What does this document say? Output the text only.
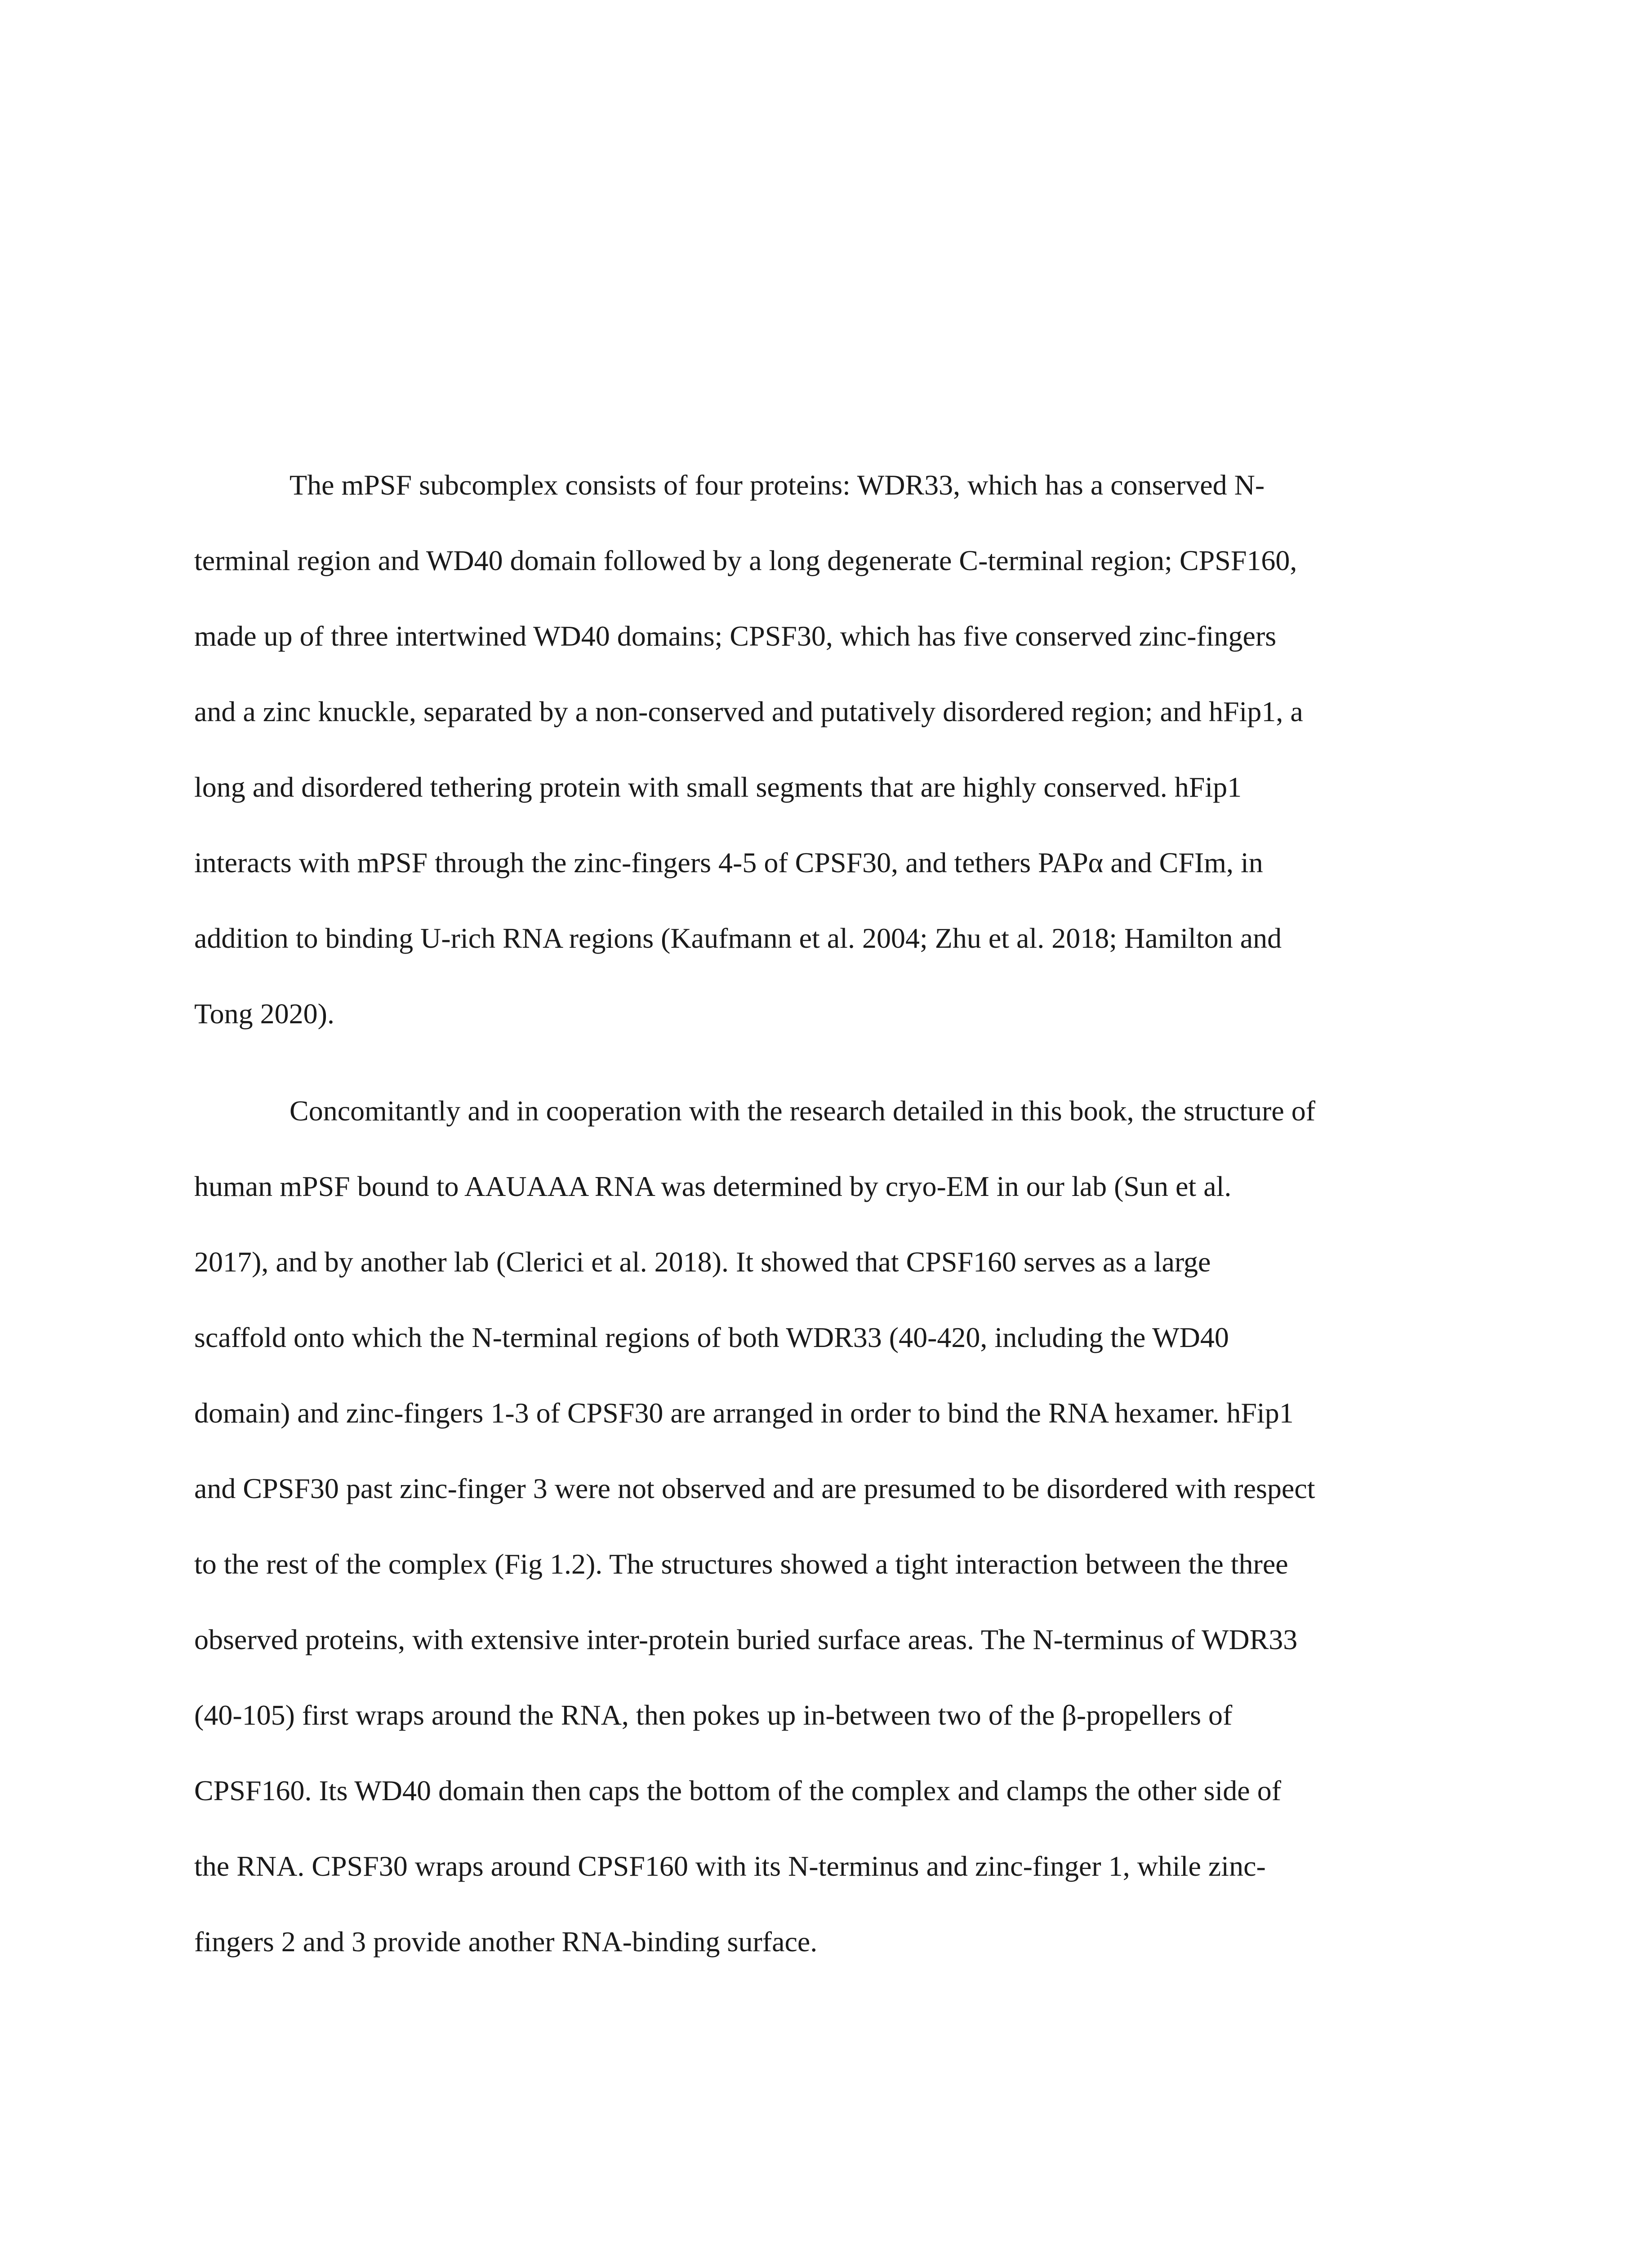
The mPSF subcomplex consists of four proteins: WDR33, which has a conserved N-
terminal region and WD40 domain followed by a long degenerate C-terminal region; CPSF160,
made up of three intertwined WD40 domains; CPSF30, which has five conserved zinc-fingers
and a zinc knuckle, separated by a non-conserved and putatively disordered region; and hFip1, a
long and disordered tethering protein with small segments that are highly conserved. hFip1
interacts with mPSF through the zinc-fingers 4-5 of CPSF30, and tethers PAPα and CFIm, in
addition to binding U-rich RNA regions (Kaufmann et al. 2004; Zhu et al. 2018; Hamilton and
Tong 2020).
Concomitantly and in cooperation with the research detailed in this book, the structure of
human mPSF bound to AAUAAA RNA was determined by cryo-EM in our lab (Sun et al.
2017), and by another lab (Clerici et al. 2018). It showed that CPSF160 serves as a large
scaffold onto which the N-terminal regions of both WDR33 (40-420, including the WD40
domain) and zinc-fingers 1-3 of CPSF30 are arranged in order to bind the RNA hexamer. hFip1
and CPSF30 past zinc-finger 3 were not observed and are presumed to be disordered with respect
to the rest of the complex (Fig 1.2). The structures showed a tight interaction between the three
observed proteins, with extensive inter-protein buried surface areas. The N-terminus of WDR33
(40-105) first wraps around the RNA, then pokes up in-between two of the β-propellers of
CPSF160. Its WD40 domain then caps the bottom of the complex and clamps the other side of
the RNA. CPSF30 wraps around CPSF160 with its N-terminus and zinc-finger 1, while zinc-
fingers 2 and 3 provide another RNA-binding surface.
